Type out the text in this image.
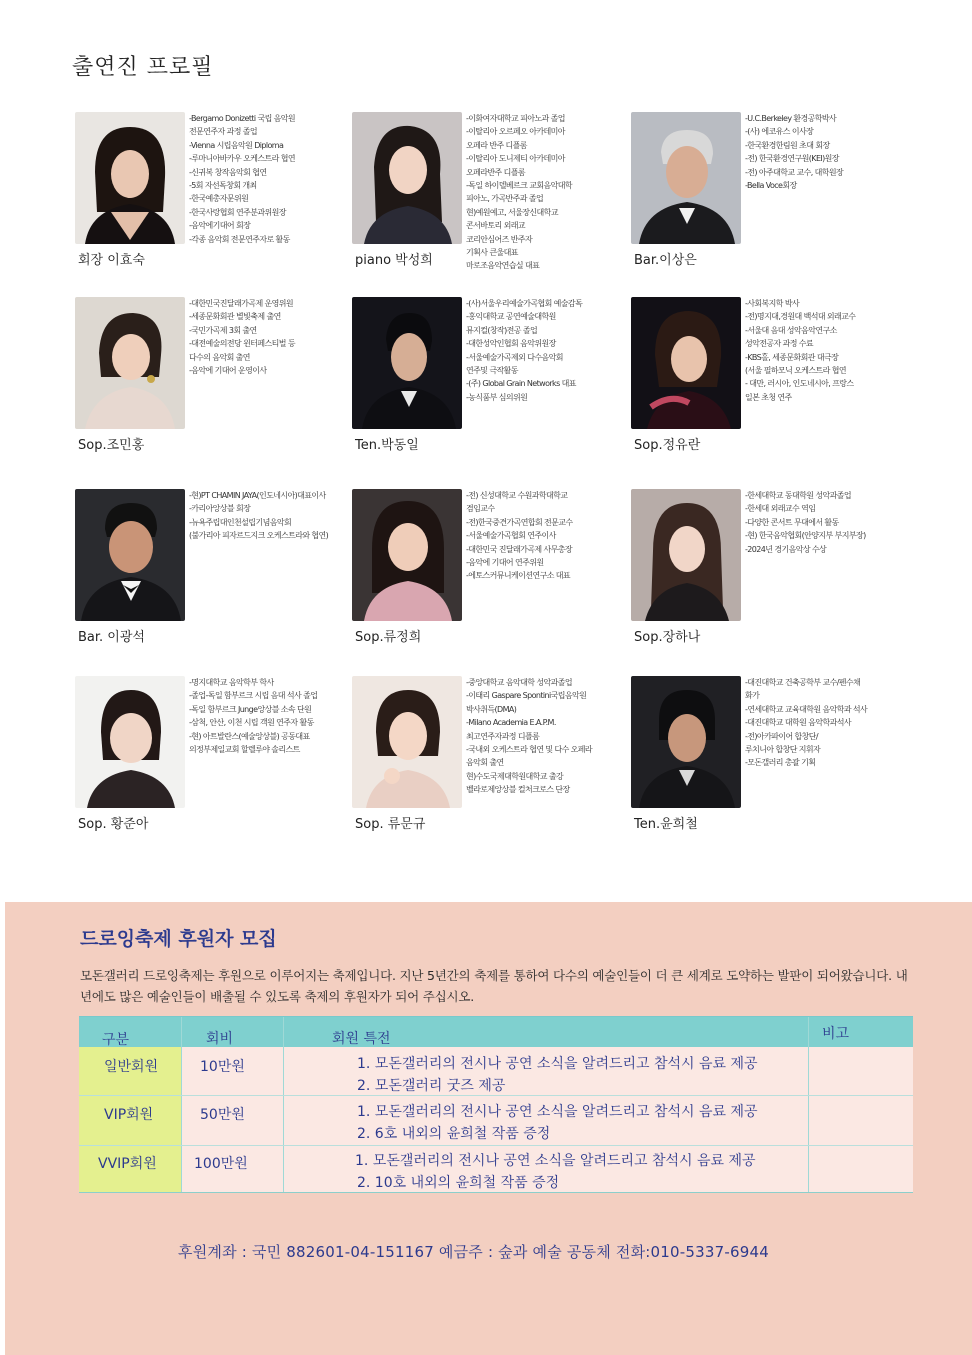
출연진 프로필
-Bergamo Donizetti 국립 음악원
전문연주자 과정 졸업
-Vienna 시립음악원 Diploma
-루마니아바카우 오케스트라 협연
-신귀복 창작음악회 협연
-5회 자선독창회 개최
-한국예총자문위원
-한국사랑협회 연주분과위원장
-음악에기대어 회장
-각종 음악회 전문연주자로 활동
회장 이효숙
-이화여자대학교 피아노과 졸업
-이탈리아 오르페오 아카데미아
오페라 반주 디플롬
-이탈리아 도니제티 아카데미아
오페라반주 디플롬
-독일 하이델베르크 교회음악대학
피아노, 가곡반주과 졸업
현)예원예고, 서울장신대학교
콘서바토리 외래교
코리안심어즈 반주자
기획사 큰울대표
마로조음악연습실 대표
piano 박성희
-U.C.Berkeley 환경공학박사
-(사) 에코유스 이사장
-한국환경한림원 초대 회장
-전) 한국환경연구원(KEI)원장
-전) 아주대학교 교수, 대학원장
-Bella Voce회장
Bar.이상은
-대한민국진달래가곡제 운영위원
-세종문화회관 별빛축제 출연
-국민가곡제 3회 출연
-대전예술의전당 윈터페스티벌 등
다수의 음악회 출연
-음악에 기대어 운영이사
Sop.조민홍
-(사)서울우리예술가곡협회 예술감독
-홍익대학교 공연예술대학원
뮤지컬(창작)전공 졸업
-대한성악인협회 음악위원장
-서울예술가곡제외 다수음악회
연주및 극작활동
-(주) Global Grain Networks 대표
-농식품부 심의위원
Ten.박동일
-사회복지학 박사
-전)명지대,경원대 백석대 외래교수
-서울대 음대 성악음악연구소
성악전공자 과정 수료
-KBS홀, 세종문화회관 대극장
(서울 필하모닉 오케스트라 협연
- 대만, 러시아, 인도네시아, 프랑스
일본 초청 연주
Sop.정유란
-현)PT CHAMIN JAYA(인도네시아)대표이사
-카리아앙상블 회장
-뉴욕주립대인천설립기념음악회
(불가리아 피자르드지크 오케스트라와 협연)
Bar. 이광석
-전) 신성대학교 수원과학대학교
겸임교수
-전)한국중견가곡연합회 전문교수
-서울예술가곡협회 연주이사
-대한민국 진달래가곡제 사무총장
-음악에 기대어 연주위원
-에토스커뮤니케이션연구소 대표
Sop.류정희
-한세대학교 동대학원 성악과졸업
-한세대 외래교수 역임
-다양한 콘서트 무대에서 활동
-현) 한국음악협회(안양지부 부지부장)
-2024년 경기음악상 수상
Sop.장하나
-명지대학교 음악학부 학사
-졸업-독일 함부르크 시립 음대 석사 졸업
-독일 함부르크 Junge앙상블 소속 단원
-삼척, 안산, 이천 시립 객원 연주자 활동
-현) 아트발란스(예술앙상블) 공동대표
의정부제일교회 할렐루야 솔리스트
Sop. 황준아
-중앙대학교 음악대학 성악과졸업
-이태리 Gaspare Spontini국립음악원
박사취득(DMA)
-Milano Academia E.A.P.M.
최고연주자과정 디플롬
-국내외 오케스트라 협연 및 다수 오페라
음악회 출연
현)수도국제대학원대학교 출강
벨라로제앙상블 컬처크로스 단장
Sop. 류문규
-대진대학교 건축공학부 교수/펜수채
화가
-연세대학교 교육대학원 음악학과 석사
-대진대학교 대학원 음악학과석사
-전)아카파이어 합창단/
루치니아 합창단 지휘자
-모돈갤러리 총괄 기획
Ten.윤희철
드로잉축제 후원자 모집
모돈갤러리 드로잉축제는 후원으로 이루어지는 축제입니다. 지난 5년간의 축제를 통하여 다수의 예술인들이 더 큰 세계로 도약하는 발판이 되어왔습니다. 내년에도 많은 예술인들이 배출될 수 있도록 축제의 후원자가 되어 주십시오.
구분	회비	회원 특전	비고
일반회원	10만원	1. 모돈갤러리의 전시나 공연 소식을 알려드리고 참석시 음료 제공
2. 모돈갤러리 굿즈 제공
VIP회원	50만원	1. 모돈갤러리의 전시나 공연 소식을 알려드리고 참석시 음료 제공
2. 6호 내외의 윤희철 작품 증정
VVIP회원	100만원	1. 모돈갤러리의 전시나 공연 소식을 알려드리고 참석시 음료 제공
2. 10호 내외의 윤희철 작품 증정
후원계좌 : 국민 882601-04-151167 예금주 : 숲과 예술 공동체 전화:010-5337-6944
